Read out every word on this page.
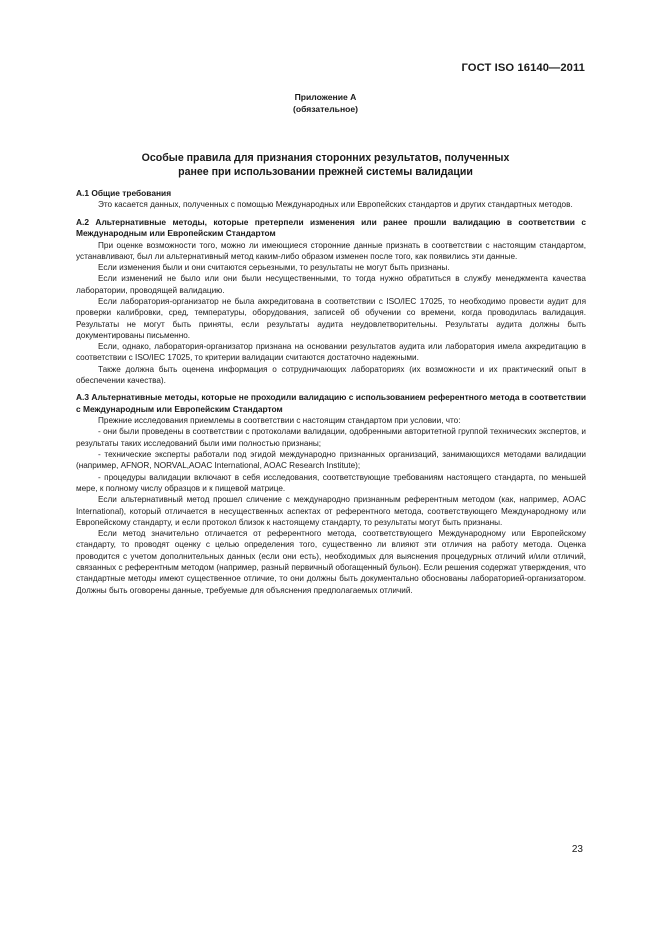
ГОСТ ISO 16140—2011
Приложение А
(обязательное)
Особые правила для признания сторонних результатов, полученных
ранее при использовании прежней системы валидации

А.1 Общие требования

Это касается данных, полученных с помощью Международных или Европейских стандартов и других стандартных методов.

А.2 Альтернативные методы, которые претерпели изменения или ранее прошли валидацию в соответствии с Международным или Европейским Стандартом

При оценке возможности того, можно ли имеющиеся сторонние данные признать в соответствии с настоящим стандартом, устанавливают, был ли альтернативный метод каким-либо образом изменен после того, как появились эти данные.

Если изменения были и они считаются серьезными, то результаты не могут быть признаны.

Если изменений не было или они были несущественными, то тогда нужно обратиться в службу менеджмента качества лаборатории, проводящей валидацию.

Если лаборатория-организатор не была аккредитована в соответствии с ISO/IEC 17025, то необходимо провести аудит для проверки калибровки, сред, температуры, оборудования, записей об обучении со времени, когда проводилась валидация. Результаты не могут быть приняты, если результаты аудита неудовлетворительны. Результаты аудита должны быть документированы письменно.

Если, однако, лаборатория-организатор признана на основании результатов аудита или лаборатория имела аккредитацию в соответствии с ISO/IEC 17025, то критерии валидации считаются достаточно надежными.

Также должна быть оценена информация о сотрудничающих лабораториях (их возможности и их практический опыт в обеспечении качества).

А.3 Альтернативные методы, которые не проходили валидацию с использованием референтного метода в соответствии с Международным или Европейским Стандартом

Прежние исследования приемлемы в соответствии с настоящим стандартом при условии, что:

- они были проведены в соответствии с протоколами валидации, одобренными авторитетной группой технических экспертов, и результаты таких исследований были ими полностью признаны;

- технические эксперты работали под эгидой международно признанных организаций, занимающихся методами валидации (например, AFNOR, NORVAL,AOAC International, AOAC Research Institute);

- процедуры валидации включают в себя исследования, соответствующие требованиям настоящего стандарта, по меньшей мере, к полному числу образцов и к пищевой матрице.

Если альтернативный метод прошел сличение с международно признанным референтным методом (как, например, AOAC International), который отличается в несущественных аспектах от референтного метода, соответствующего Международному или Европейскому стандарту, и если протокол близок к настоящему стандарту, то результаты могут быть признаны.

Если метод значительно отличается от референтного метода, соответствующего Международному или Европейскому стандарту, то проводят оценку с целью определения того, существенно ли влияют эти отличия на работу метода. Оценка проводится с учетом дополнительных данных (если они есть), необходимых для выяснения процедурных отличий и/или отличий, связанных с референтным методом (например, разный первичный обогащенный бульон). Если решения содержат утверждения, что стандартные методы имеют существенное отличие, то они должны быть документально обоснованы лабораторией-организатором. Должны быть оговорены данные, требуемые для объяснения предполагаемых отличий.

23
